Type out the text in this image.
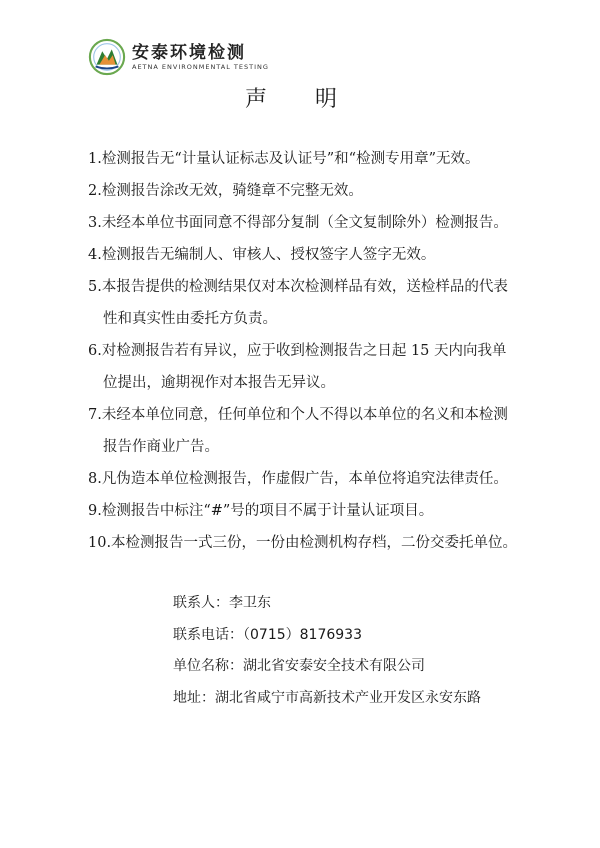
安泰环境检测
AETNA ENVIRONMENTAL TESTING
声明
1.检测报告无“计量认证标志及认证号”和“检测专用章”无效。
2.检测报告涂改无效，骑缝章不完整无效。
3.未经本单位书面同意不得部分复制（全文复制除外）检测报告。
4.检测报告无编制人、审核人、授权签字人签字无效。
5.本报告提供的检测结果仅对本次检测样品有效，送检样品的代表
性和真实性由委托方负责。
6.对检测报告若有异议，应于收到检测报告之日起 15 天内向我单
位提出，逾期视作对本报告无异议。
7.未经本单位同意，任何单位和个人不得以本单位的名义和本检测
报告作商业广告。
8.凡伪造本单位检测报告，作虚假广告，本单位将追究法律责任。
9.检测报告中标注“#”号的项目不属于计量认证项目。
10.本检测报告一式三份，一份由检测机构存档，二份交委托单位。
联系人：李卫东
联系电话：（0715）8176933
单位名称：湖北省安泰安全技术有限公司
地址：湖北省咸宁市高新技术产业开发区永安东路
